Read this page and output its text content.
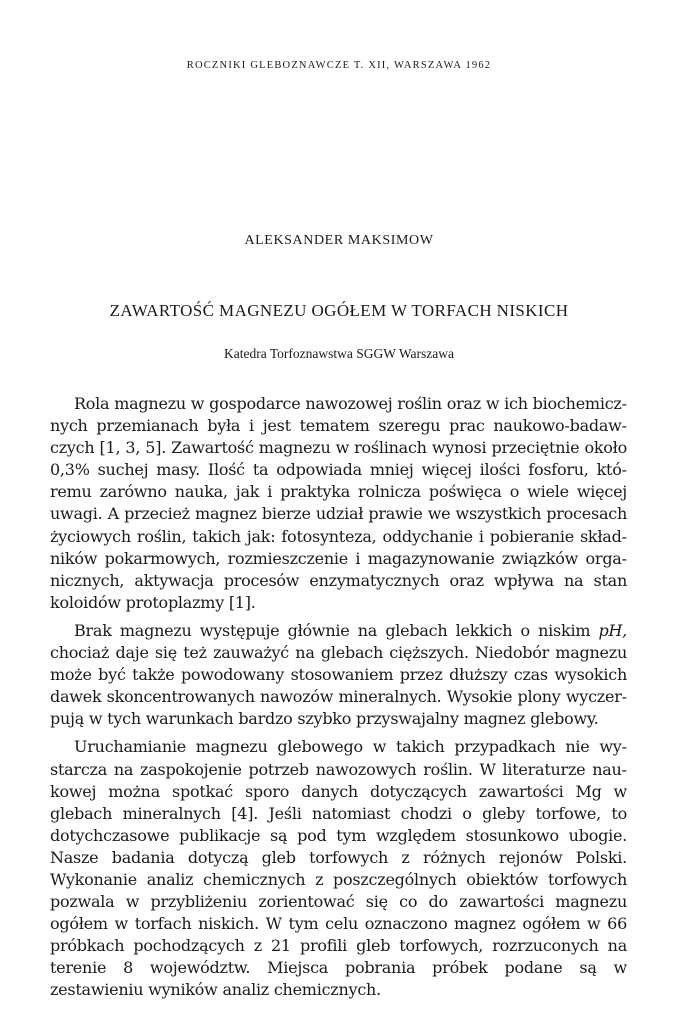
ROCZNIKI GLEBOZNAWCZE T. XII, WARSZAWA 1962
ALEKSANDER MAKSIMOW
ZAWARTOŚĆ MAGNEZU OGÓŁEM W TORFACH NISKICH
Katedra Torfoznawstwa SGGW Warszawa

Rola magnezu w gospodarce nawozowej roślin oraz w ich biochemicznych przemianach była i jest tematem szeregu prac naukowo-badawczych [1, 3, 5]. Zawartość magnezu w roślinach wynosi przeciętnie około 0,3% suchej masy. Ilość ta odpowiada mniej więcej ilości fosforu, któremu zarówno nauka, jak i praktyka rolnicza poświęca o wiele więcej uwagi. A przecież magnez bierze udział prawie we wszystkich procesach życiowych roślin, takich jak: fotosynteza, oddychanie i pobieranie składników pokarmowych, rozmieszczenie i magazynowanie związków organicznych, aktywacja procesów enzymatycznych oraz wpływa na stan koloidów protoplazmy [1].

Brak magnezu występuje głównie na glebach lekkich o niskim pH, chociaż daje się też zauważyć na glebach cięższych. Niedobór magnezu może być także powodowany stosowaniem przez dłuższy czas wysokich dawek skoncentrowanych nawozów mineralnych. Wysokie plony wyczerpują w tych warunkach bardzo szybko przyswajalny magnez glebowy.

Uruchamianie magnezu glebowego w takich przypadkach nie wystarcza na zaspokojenie potrzeb nawozowych roślin. W literaturze naukowej można spotkać sporo danych dotyczących zawartości Mg w glebach mineralnych [4]. Jeśli natomiast chodzi o gleby torfowe, to dotychczasowe publikacje są pod tym względem stosunkowo ubogie. Nasze badania dotyczą gleb torfowych z różnych rejonów Polski. Wykonanie analiz chemicznych z poszczególnych obiektów torfowych pozwala w przybliżeniu zorientować się co do zawartości magnezu ogółem w torfach niskich. W tym celu oznaczono magnez ogółem w 66 próbkach pochodzących z 21 profili gleb torfowych, rozrzuconych na terenie 8 województw. Miejsca pobrania próbek podane są w zestawieniu wyników analiz chemicznych.
